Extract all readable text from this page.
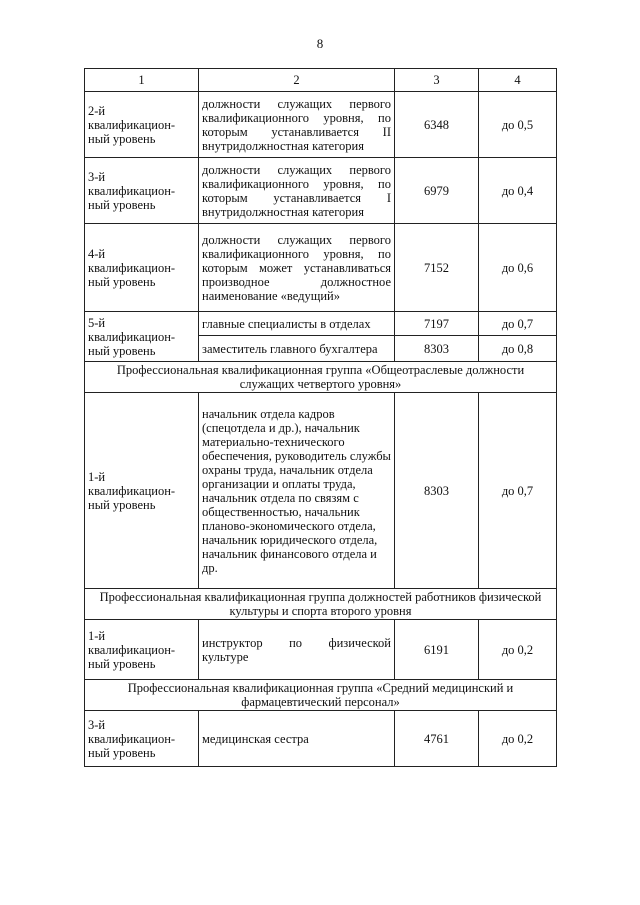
8
1	2	3	4
2-й квалификацион-ный уровень	должности служащих первого квалификационного уровня, по которым устанавливается II внутридолжностная категория	6348	до 0,5
3-й квалификацион-ный уровень	должности служащих первого квалификационного уровня, по которым устанавливается I внутридолжностная категория	6979	до 0,4
4-й квалификацион-ный уровень	должности служащих первого квалификационного уровня, по которым может устанавливаться производное должностное наименование «ведущий»	7152	до 0,6
5-й квалификацион-ный уровень	главные специалисты в отделах	7197	до 0,7
	заместитель главного бухгалтера	8303	до 0,8
Профессиональная квалификационная группа «Общеотраслевые должности служащих четвертого уровня»			
1-й квалификацион-ный уровень	начальник отдела кадров (спецотдела и др.), начальник материально-технического обеспечения, руководитель службы охраны труда, начальник отдела организации и оплаты труда, начальник отдела по связям с общественностью, начальник планово-экономического отдела, начальник юридического отдела, начальник финансового отдела и др.	8303	до 0,7
Профессиональная квалификационная группа должностей работников физической культуры и спорта второго уровня			
1-й квалификацион-ный уровень	инструктор по физической культуре	6191	до 0,2
Профессиональная квалификационная группа «Средний медицинский и фармацевтический персонал»			
3-й квалификацион-ный уровень	медицинская сестра	4761	до 0,2
